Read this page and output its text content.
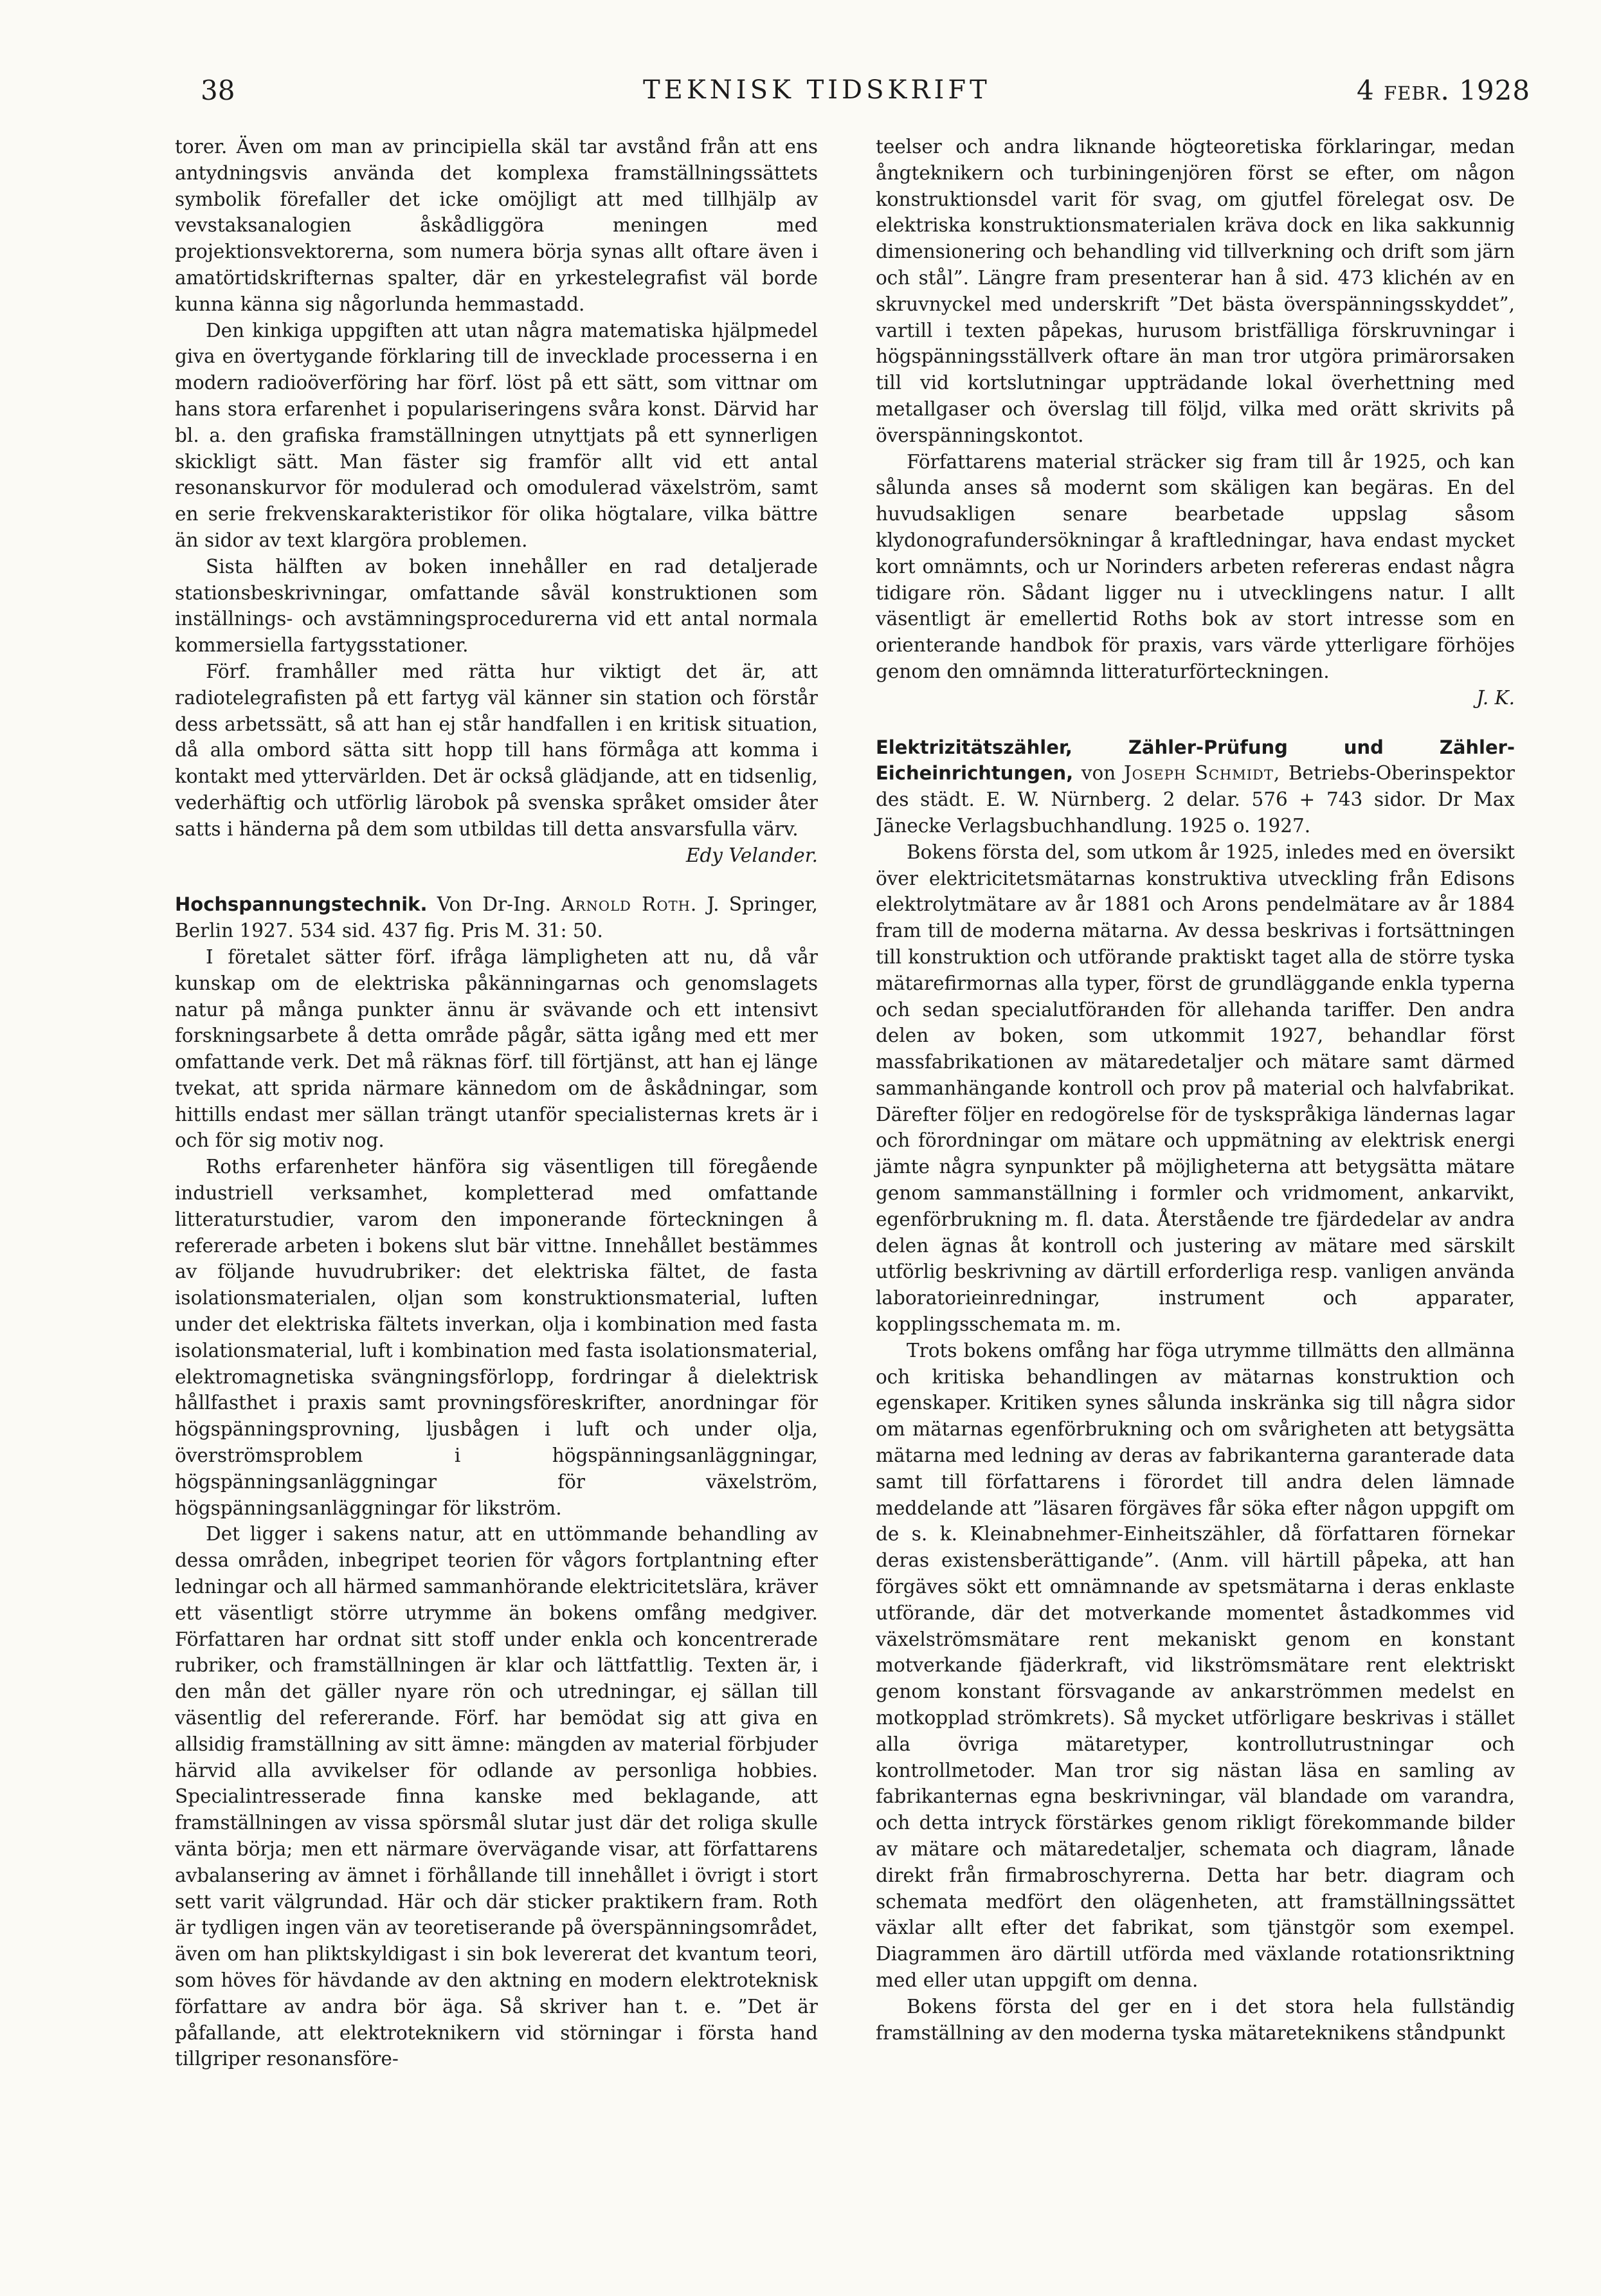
38	TEKNISK TIDSKRIFT	4 febr. 1928

torer. Även om man av principiella skäl tar avstånd från att ens antydningsvis använda det komplexa framställningssättets symbolik förefaller det icke omöjligt att med tillhjälp av vevstaksanalogien åskådliggöra meningen med projektionsvektorerna, som numera börja synas allt oftare även i amatörtidskrifternas spalter, där en yrkestelegrafist väl borde kunna känna sig någorlunda hemmastadd.

Den kinkiga uppgiften att utan några matematiska hjälpmedel giva en övertygande förklaring till de invecklade processerna i en modern radioöverföring har förf. löst på ett sätt, som vittnar om hans stora erfarenhet i populariseringens svåra konst. Därvid har bl. a. den grafiska framställningen utnyttjats på ett synnerligen skickligt sätt. Man fäster sig framför allt vid ett antal resonanskurvor för modulerad och omodulerad växelström, samt en serie frekvenskarakteristikor för olika högtalare, vilka bättre än sidor av text klargöra problemen.

Sista hälften av boken innehåller en rad detaljerade stationsbeskrivningar, omfattande såväl konstruktionen som inställnings- och avstämningsprocedurerna vid ett antal normala kommersiella fartygsstationer.

Förf. framhåller med rätta hur viktigt det är, att radiotelegrafisten på ett fartyg väl känner sin station och förstår dess arbetssätt, så att han ej står handfallen i en kritisk situation, då alla ombord sätta sitt hopp till hans förmåga att komma i kontakt med yttervärlden. Det är också glädjande, att en tidsenlig, vederhäftig och utförlig lärobok på svenska språket omsider åter satts i händerna på dem som utbildas till detta ansvarsfulla värv.

Edy Velander.

Hochspannungstechnik. Von Dr-Ing. Arnold Roth. J. Springer, Berlin 1927. 534 sid. 437 fig. Pris M. 31: 50.

I företalet sätter förf. ifråga lämpligheten att nu, då vår kunskap om de elektriska påkänningarnas och genomslagets natur på många punkter ännu är svävande och ett intensivt forskningsarbete å detta område pågår, sätta igång med ett mer omfattande verk. Det må räknas förf. till förtjänst, att han ej länge tvekat, att sprida närmare kännedom om de åskådningar, som hittills endast mer sällan trängt utanför specialisternas krets är i och för sig motiv nog.

Roths erfarenheter hänföra sig väsentligen till föregående industriell verksamhet, kompletterad med omfattande litteraturstudier, varom den imponerande förteckningen å refererade arbeten i bokens slut bär vittne. Innehållet bestämmes av följande huvudrubriker: det elektriska fältet, de fasta isolationsmaterialen, oljan som konstruktionsmaterial, luften under det elektriska fältets inverkan, olja i kombination med fasta isolationsmaterial, luft i kombination med fasta isolationsmaterial, elektromagnetiska svängningsförlopp, fordringar å dielektrisk hållfasthet i praxis samt provningsföreskrifter, anordningar för högspänningsprovning, ljusbågen i luft och under olja, överströmsproblem i högspänningsanläggningar, högspänningsanläggningar för växelström, högspänningsanläggningar för likström.

Det ligger i sakens natur, att en uttömmande behandling av dessa områden, inbegripet teorien för vågors fortplantning efter ledningar och all härmed sammanhörande elektricitetslära, kräver ett väsentligt större utrymme än bokens omfång medgiver. Författaren har ordnat sitt stoff under enkla och koncentrerade rubriker, och framställningen är klar och lättfattlig. Texten är, i den mån det gäller nyare rön och utredningar, ej sällan till väsentlig del refererande. Förf. har bemödat sig att giva en allsidig framställning av sitt ämne: mängden av material förbjuder härvid alla avvikelser för odlande av personliga hobbies. Specialintresserade finna kanske med beklagande, att framställningen av vissa spörsmål slutar just där det roliga skulle vänta börja; men ett närmare övervägande visar, att författarens avbalansering av ämnet i förhållande till innehållet i övrigt i stort sett varit välgrundad. Här och där sticker praktikern fram. Roth är tydligen ingen vän av teoretiserande på överspänningsområdet, även om han pliktskyldigast i sin bok levererat det kvantum teori, som höves för hävdande av den aktning en modern elektroteknisk författare av andra bör äga. Så skriver han t. e. ”Det är påfallande, att elektroteknikern vid störningar i första hand tillgriper resonansföre-

teelser och andra liknande högteoretiska förklaringar, medan ångteknikern och turbiningenjören först se efter, om någon konstruktionsdel varit för svag, om gjutfel förelegat osv. De elektriska konstruktionsmaterialen kräva dock en lika sakkunnig dimensionering och behandling vid tillverkning och drift som järn och stål”. Längre fram presenterar han å sid. 473 klichén av en skruvnyckel med underskrift ”Det bästa överspänningsskyddet”, vartill i texten påpekas, hurusom bristfälliga förskruvningar i högspänningsställverk oftare än man tror utgöra primärorsaken till vid kortslutningar uppträdande lokal överhettning med metallgaser och överslag till följd, vilka med orätt skrivits på överspänningskontot.

Författarens material sträcker sig fram till år 1925, och kan sålunda anses så modernt som skäligen kan begäras. En del huvudsakligen senare bearbetade uppslag såsom klydonografundersökningar å kraftledningar, hava endast mycket kort omnämnts, och ur Norinders arbeten refereras endast några tidigare rön. Sådant ligger nu i utvecklingens natur. I allt väsentligt är emellertid Roths bok av stort intresse som en orienterande handbok för praxis, vars värde ytterligare förhöjes genom den omnämnda litteraturförteckningen.

J. K.

Elektrizitätszähler, Zähler-Prüfung und Zähler-Eicheinrichtungen, von Joseph Schmidt, Betriebs-Oberinspektor des städt. E. W. Nürnberg. 2 delar. 576 + 743 sidor. Dr Max Jänecke Verlagsbuchhandlung. 1925 o. 1927.

Bokens första del, som utkom år 1925, inledes med en översikt över elektricitetsmätarnas konstruktiva utveckling från Edisons elektrolytmätare av år 1881 och Arons pendelmätare av år 1884 fram till de moderna mätarna. Av dessa beskrivas i fortsättningen till konstruktion och utförande praktiskt taget alla de större tyska mätarefirmornas alla typer, först de grundläggande enkla typerna och sedan specialutförанden för allehanda tariffer. Den andra delen av boken, som utkommit 1927, behandlar först massfabrikationen av mätaredetaljer och mätare samt därmed sammanhängande kontroll och prov på material och halvfabrikat. Därefter följer en redogörelse för de tyskspråkiga ländernas lagar och förordningar om mätare och uppmätning av elektrisk energi jämte några synpunkter på möjligheterna att betygsätta mätare genom sammanställning i formler och vridmoment, ankarvikt, egenförbrukning m. fl. data. Återstående tre fjärdedelar av andra delen ägnas åt kontroll och justering av mätare med särskilt utförlig beskrivning av därtill erforderliga resp. vanligen använda laboratorieinredningar, instrument och apparater, kopplingsschemata m. m.

Trots bokens omfång har föga utrymme tillmätts den allmänna och kritiska behandlingen av mätarnas konstruktion och egenskaper. Kritiken synes sålunda inskränka sig till några sidor om mätarnas egenförbrukning och om svårigheten att betygsätta mätarna med ledning av deras av fabrikanterna garanterade data samt till författarens i förordet till andra delen lämnade meddelande att ”läsaren förgäves får söka efter någon uppgift om de s. k. Kleinabnehmer-Einheitszähler, då författaren förnekar deras existensberättigande”. (Anm. vill härtill påpeka, att han förgäves sökt ett omnämnande av spetsmätarna i deras enklaste utförande, där det motverkande momentet åstadkommes vid växelströmsmätare rent mekaniskt genom en konstant motverkande fjäderkraft, vid likströmsmätare rent elektriskt genom konstant försvagande av ankarströmmen medelst en motkopplad strömkrets). Så mycket utförligare beskrivas i stället alla övriga mätaretyper, kontrollutrustningar och kontrollmetoder. Man tror sig nästan läsa en samling av fabrikanternas egna beskrivningar, väl blandade om varandra, och detta intryck förstärkes genom rikligt förekommande bilder av mätare och mätaredetaljer, schemata och diagram, lånade direkt från firmabroschyrerna. Detta har betr. diagram och schemata medfört den olägenheten, att framställningssättet växlar allt efter det fabrikat, som tjänstgör som exempel. Diagrammen äro därtill utförda med växlande rotationsriktning med eller utan uppgift om denna.

Bokens första del ger en i det stora hela fullständig framställning av den moderna tyska mätareteknikens ståndpunkt
